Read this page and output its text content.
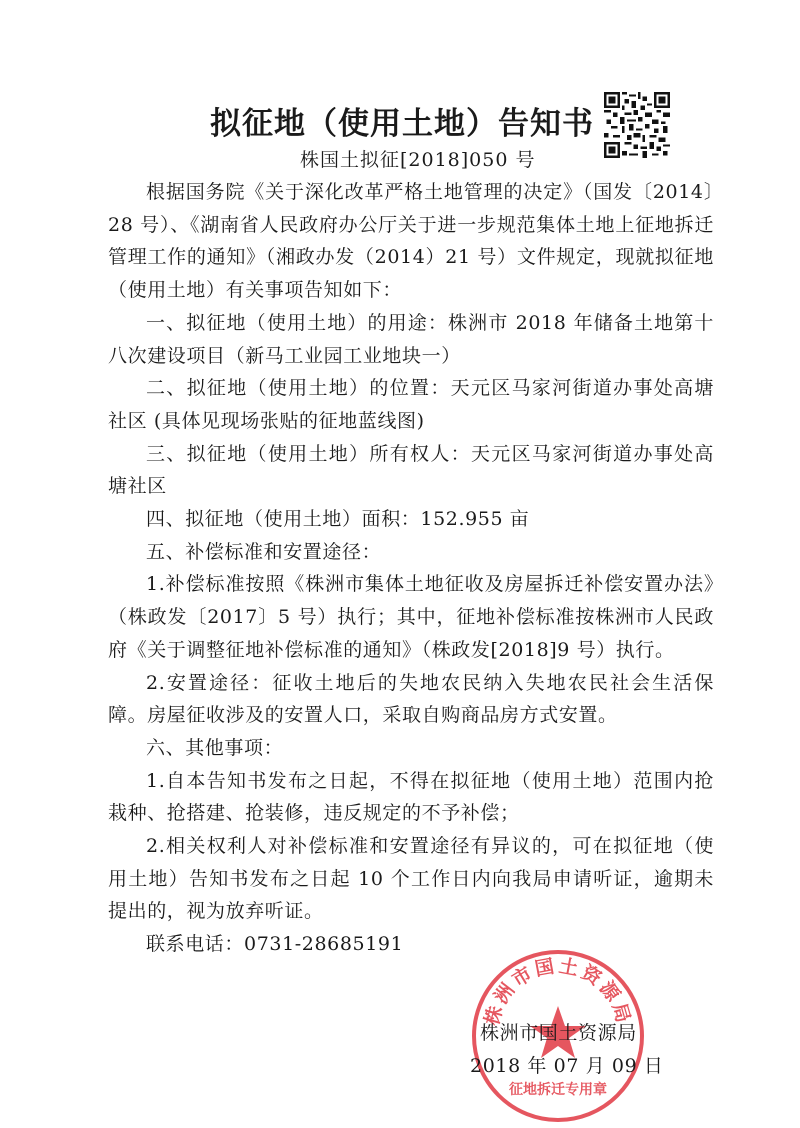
拟征地（使用土地）告知书
株国土拟征[2018]050 号

根据国务院《关于深化改革严格土地管理的决定》（国发〔2014〕28 号）、《湖南省人民政府办公厅关于进一步规范集体土地上征地拆迁管理工作的通知》（湘政办发（2014）21 号）文件规定，现就拟征地（使用土地）有关事项告知如下：

一、拟征地（使用土地）的用途：株洲市 2018 年储备土地第十八次建设项目（新马工业园工业地块一）

二、拟征地（使用土地）的位置：天元区马家河街道办事处高塘社区 (具体见现场张贴的征地蓝线图)

三、拟征地（使用土地）所有权人：天元区马家河街道办事处高塘社区

四、拟征地（使用土地）面积：152.955 亩

五、补偿标准和安置途径：

1.补偿标准按照《株洲市集体土地征收及房屋拆迁补偿安置办法》（株政发〔2017〕5 号）执行；其中，征地补偿标准按株洲市人民政府《关于调整征地补偿标准的通知》（株政发[2018]9 号）执行。

2.安置途径：征收土地后的失地农民纳入失地农民社会生活保障。房屋征收涉及的安置人口，采取自购商品房方式安置。

六、其他事项：

1.自本告知书发布之日起，不得在拟征地（使用土地）范围内抢栽种、抢搭建、抢装修，违反规定的不予补偿；

2.相关权利人对补偿标准和安置途径有异议的，可在拟征地（使用土地）告知书发布之日起 10 个工作日内向我局申请听证，逾期未提出的，视为放弃听证。

联系电话：0731-28685191

株洲市国土资源局
征地拆迁专用章
株洲市国土资源局
2018 年 07 月 09 日
